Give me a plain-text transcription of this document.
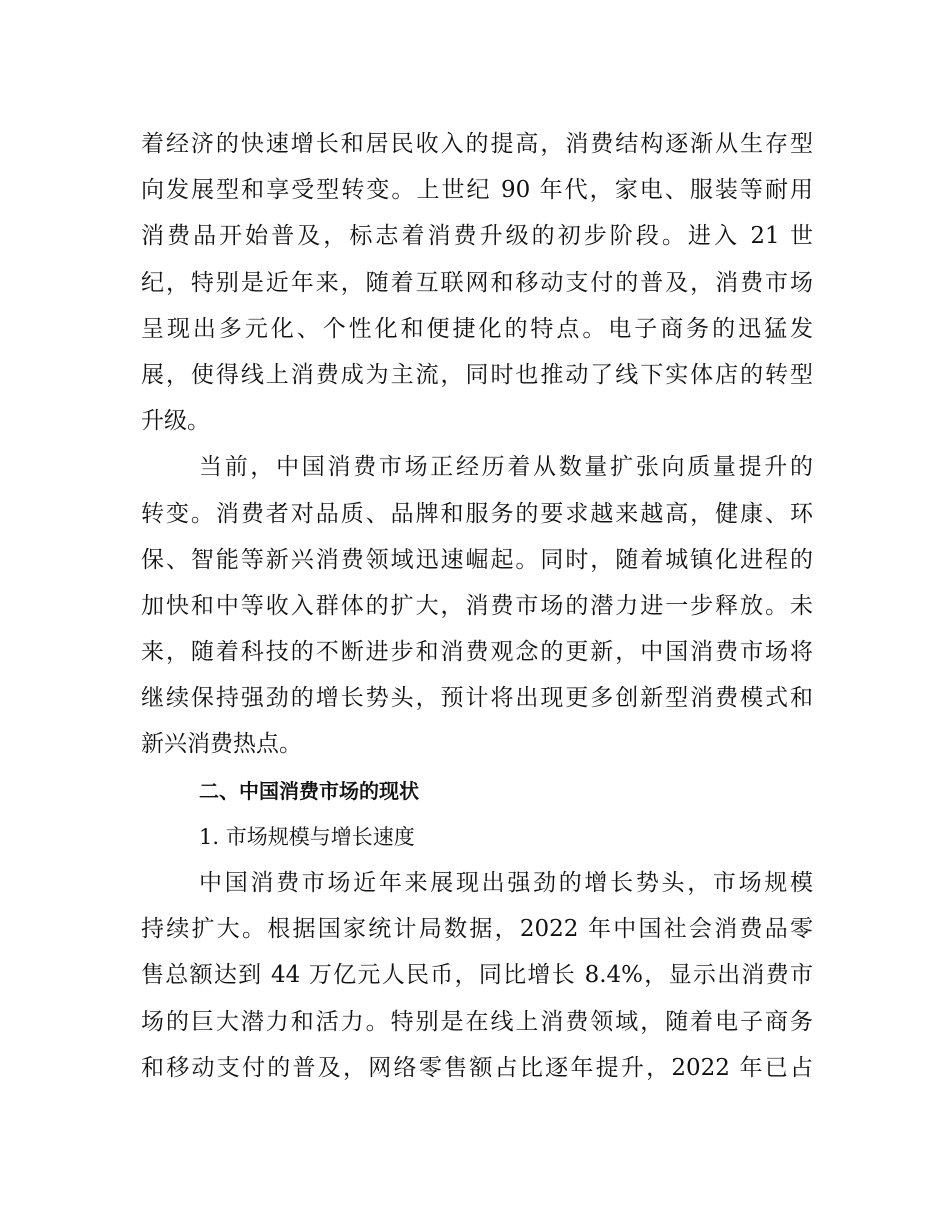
着经济的快速增长和居民收入的提高，消费结构逐渐从生存型
向发展型和享受型转变。上世纪 90 年代，家电、服装等耐用
消费品开始普及，标志着消费升级的初步阶段。进入 21 世
纪，特别是近年来，随着互联网和移动支付的普及，消费市场
呈现出多元化、个性化和便捷化的特点。电子商务的迅猛发
展，使得线上消费成为主流，同时也推动了线下实体店的转型
升级。
当前，中国消费市场正经历着从数量扩张向质量提升的
转变。消费者对品质、品牌和服务的要求越来越高，健康、环
保、智能等新兴消费领域迅速崛起。同时，随着城镇化进程的
加快和中等收入群体的扩大，消费市场的潜力进一步释放。未
来，随着科技的不断进步和消费观念的更新，中国消费市场将
继续保持强劲的增长势头，预计将出现更多创新型消费模式和
新兴消费热点。
二、中国消费市场的现状
1. 市场规模与增长速度
中国消费市场近年来展现出强劲的增长势头，市场规模
持续扩大。根据国家统计局数据，2022 年中国社会消费品零
售总额达到 44 万亿元人民币，同比增长 8.4%，显示出消费市
场的巨大潜力和活力。特别是在线上消费领域，随着电子商务
和移动支付的普及，网络零售额占比逐年提升，2022 年已占
